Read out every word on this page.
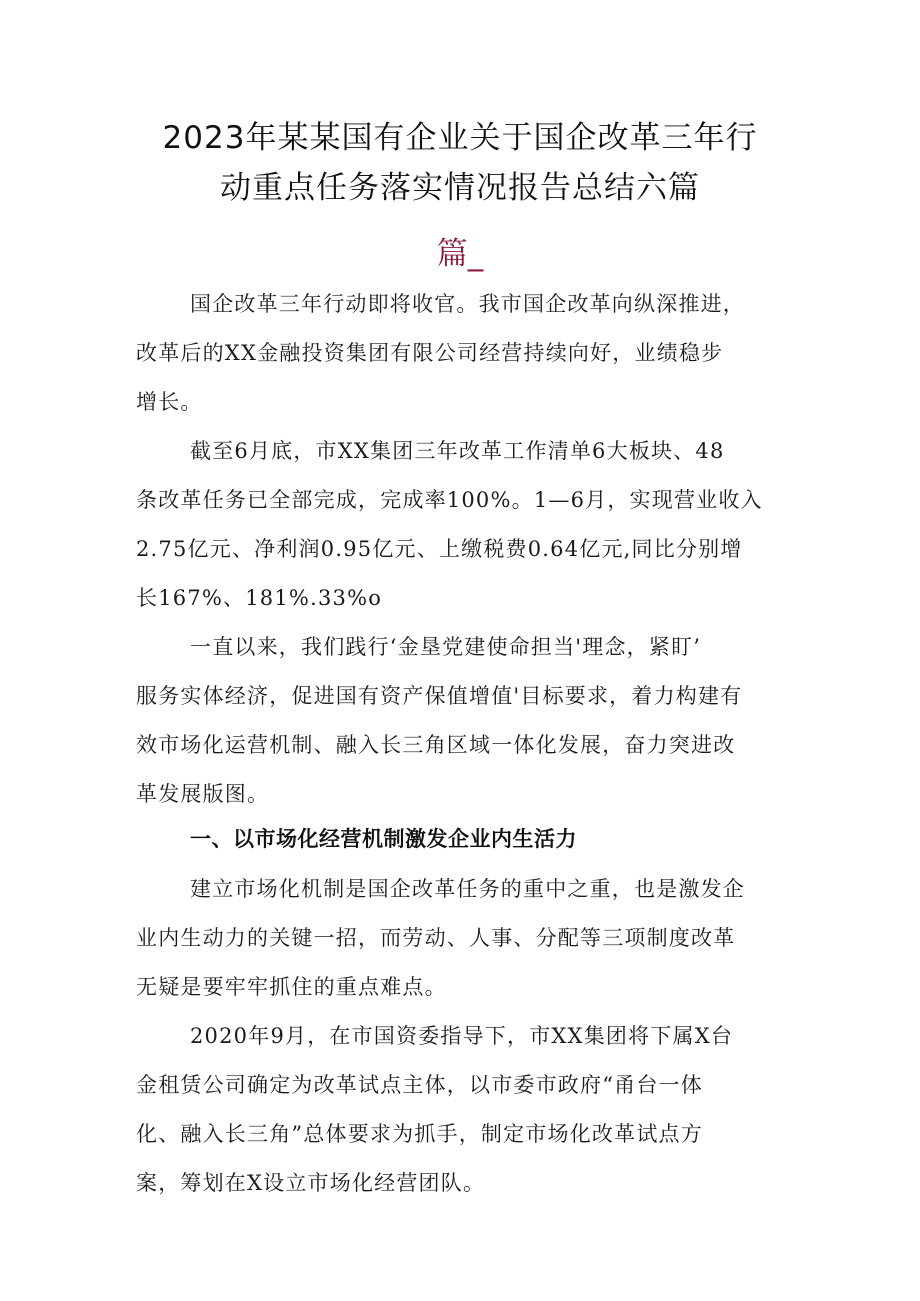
2023年某某国有企业关于国企改革三年行
动重点任务落实情况报告总结六篇
篇_
国企改革三年行动即将收官。我市国企改革向纵深推进，
改革后的XX金融投资集团有限公司经营持续向好，业绩稳步
增长。
截至6月底，市XX集团三年改革工作清单6大板块、48
条改革任务已全部完成，完成率100%。1—6月，实现营业收入
2.75亿元、净利润0.95亿元、上缴税费0.64亿元,同比分别增
长167%、181%.33%o
一直以来，我们践行‘金垦党建使命担当'理念，紧盯’
服务实体经济，促进国有资产保值增值'目标要求，着力构建有
效市场化运营机制、融入长三角区域一体化发展，奋力突进改
革发展版图。
一、以市场化经营机制激发企业内生活力
建立市场化机制是国企改革任务的重中之重，也是激发企
业内生动力的关键一招，而劳动、人事、分配等三项制度改革
无疑是要牢牢抓住的重点难点。
2020年9月，在市国资委指导下，市XX集团将下属X台
金租赁公司确定为改革试点主体，以市委市政府“甬台一体
化、融入长三角”总体要求为抓手，制定市场化改革试点方
案，筹划在X设立市场化经营团队。
